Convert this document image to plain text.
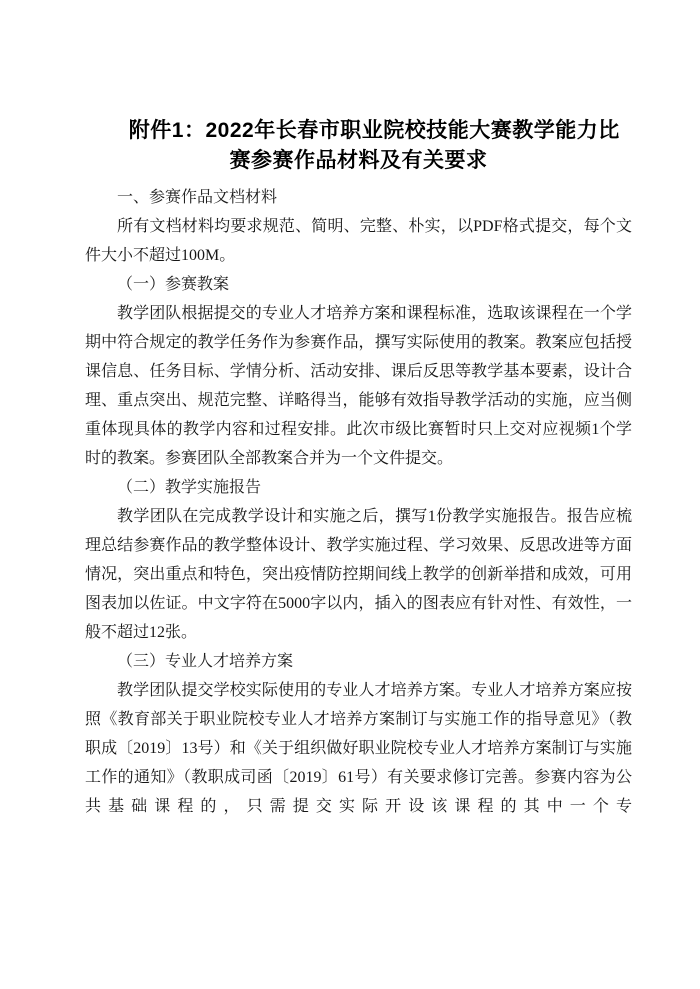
附件1：2022年长春市职业院校技能大赛教学能力比
赛参赛作品材料及有关要求
一、参赛作品文档材料

所有文档材料均要求规范、简明、完整、朴实，以PDF格式提交，每个文件大小不超过100M。

（一）参赛教案

教学团队根据提交的专业人才培养方案和课程标准，选取该课程在一个学期中符合规定的教学任务作为参赛作品，撰写实际使用的教案。教案应包括授课信息、任务目标、学情分析、活动安排、课后反思等教学基本要素，设计合理、重点突出、规范完整、详略得当，能够有效指导教学活动的实施，应当侧重体现具体的教学内容和过程安排。此次市级比赛暂时只上交对应视频1个学时的教案。参赛团队全部教案合并为一个文件提交。

（二）教学实施报告

教学团队在完成教学设计和实施之后，撰写1份教学实施报告。报告应梳理总结参赛作品的教学整体设计、教学实施过程、学习效果、反思改进等方面情况，突出重点和特色，突出疫情防控期间线上教学的创新举措和成效，可用图表加以佐证。中文字符在5000字以内，插入的图表应有针对性、有效性，一般不超过12张。

（三）专业人才培养方案

教学团队提交学校实际使用的专业人才培养方案。专业人才培养方案应按照《教育部关于职业院校专业人才培养方案制订与实施工作的指导意见》（教职成〔2019〕13号）和《关于组织做好职业院校专业人才培养方案制订与实施工作的通知》（教职成司函〔2019〕61号）有关要求修订完善。参赛内容为公共基础课程的，只需提交实际开设该课程的其中一个专
